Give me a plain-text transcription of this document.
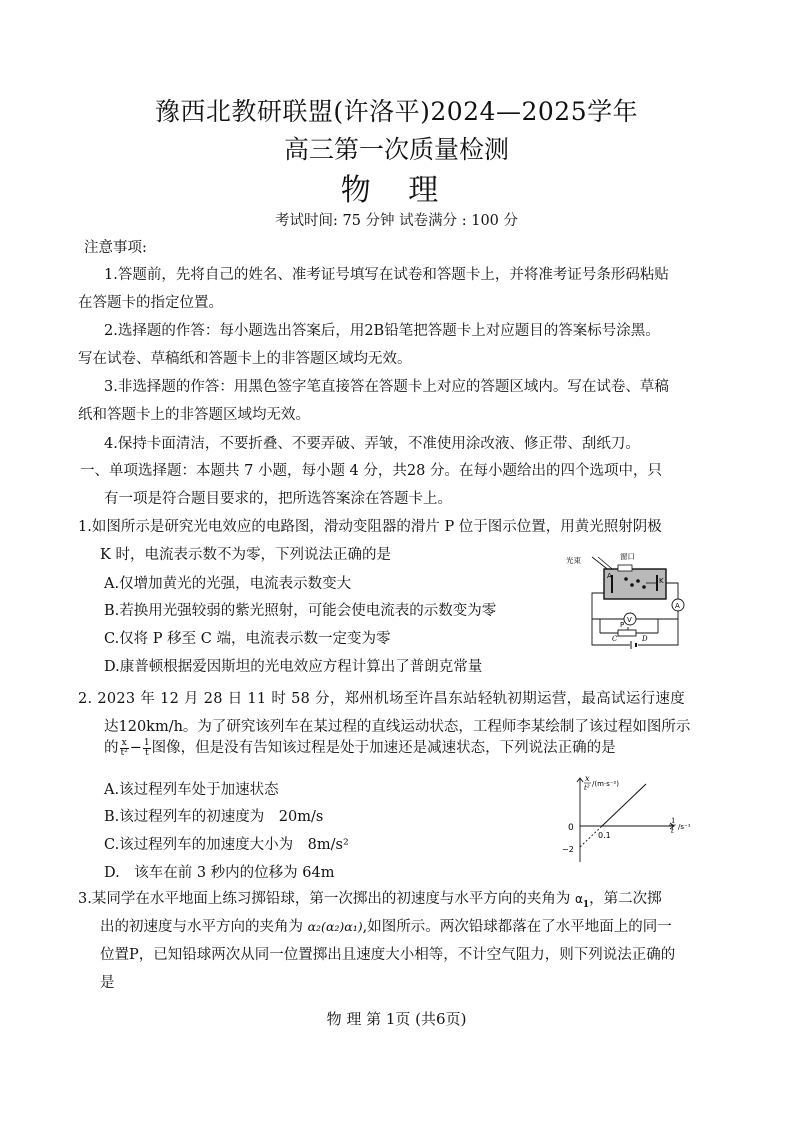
豫西北教研联盟(许洛平)2024—2025学年
高三第一次质量检测
物 理
考试时间: 75 分钟 试卷满分 : 100 分
注意事项:
1.答题前，先将自己的姓名、准考证号填写在试卷和答题卡上，并将准考证号条形码粘贴
在答题卡的指定位置。
2.选择题的作答：每小题选出答案后，用2B铅笔把答题卡上对应题目的答案标号涂黑。
写在试卷、草稿纸和答题卡上的非答题区域均无效。
3.非选择题的作答：用黑色签字笔直接答在答题卡上对应的答题区域内。写在试卷、草稿
纸和答题卡上的非答题区域均无效。
4.保持卡面清洁，不要折叠、不要弄破、弄皱，不准使用涂改液、修正带、刮纸刀。
一、单项选择题：本题共 7 小题，每小题 4 分，共28 分。在每小题给出的四个选项中，只
有一项是符合题目要求的，把所选答案涂在答题卡上。
1.如图所示是研究光电效应的电路图，滑动变阻器的滑片 P 位于图示位置，用黄光照射阴极
K 时，电流表示数不为零，下列说法正确的是
A.仅增加黄光的光强，电流表示数变大
B.若换用光强较弱的紫光照射，可能会使电流表的示数变为零
C.仅将 P 移至 C 端，电流表示数一定变为零
D.康普顿根据爱因斯坦的光电效应方程计算出了普朗克常量
光束	窗口
A
K
A
V
P
C	D
2. 2023 年 12 月 28 日 11 时 58 分，郑州机场至许昌东站轻轨初期运营，最高试运行速度
达120km/h。为了研究该列车在某过程的直线运动状态，工程师李某绘制了该过程如图所示
的 $\frac{x}{\text{t²}} - \frac{1}{t}$ 图像，但是没有告知该过程是处于加速还是减速状态，下列说法正确的是
A.该过程列车处于加速状态
B.该过程列车的初速度为　20m/s
C.该过程列车的加速度大小为　8m/s²
D.　该车在前 3 秒内的位移为 64m
x
t² /(m·s⁻²)
1
t /s⁻¹
0
0.1
−2
3.某同学在水平地面上练习掷铅球，第一次掷出的初速度与水平方向的夹角为 $\alpha_1$，第二次掷
出的初速度与水平方向的夹角为 α₂(α₂)α₁),如图所示。两次铅球都落在了水平地面上的同一
位置P，已知铅球两次从同一位置掷出且速度大小相等，不计空气阻力，则下列说法正确的
是
物 理 第 1页 (共6页)
